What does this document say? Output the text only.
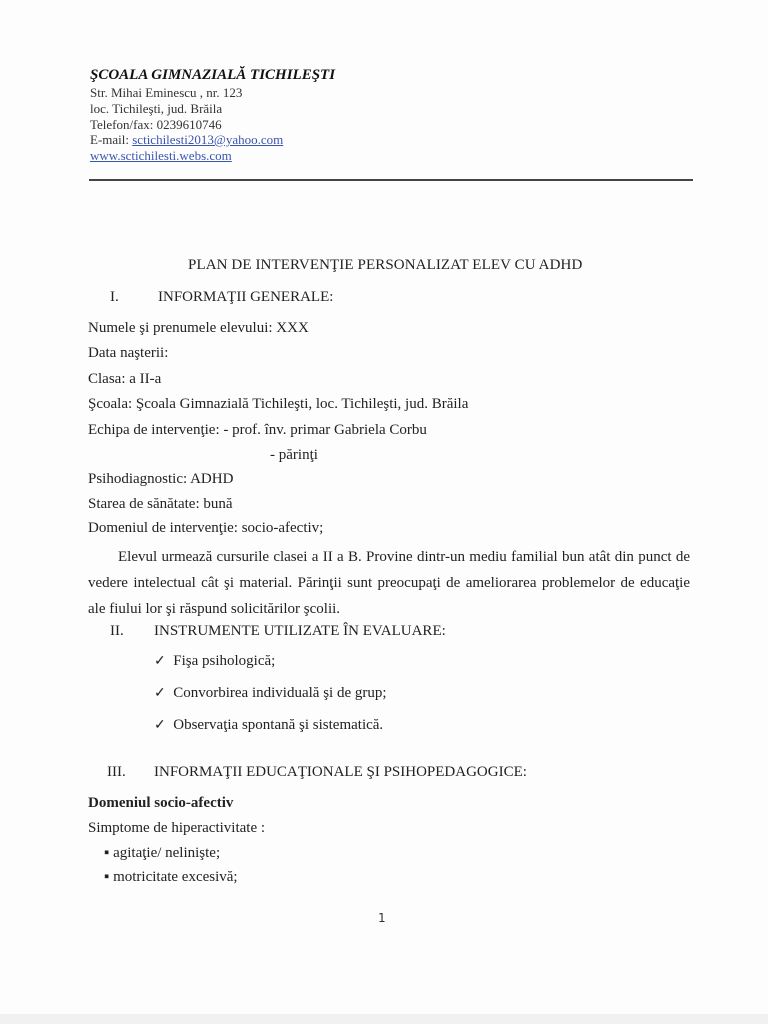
ŞCOALA GIMNAZIALĂ TICHILEŞTI
Str. Mihai Eminescu , nr. 123
loc. Tichileşti, jud. Brăila
Telefon/fax: 0239610746
E-mail: sctichilesti2013@yahoo.com
www.sctichilesti.webs.com
PLAN DE INTERVENŢIE PERSONALIZAT ELEV CU ADHD
I.	INFORMAŢII GENERALE:
Numele şi prenumele elevului: XXX
Data naşterii:
Clasa: a II-a
Şcoala: Şcoala Gimnazială Tichileşti, loc. Tichileşti, jud. Brăila
Echipa de intervenţie: - prof. înv. primar Gabriela Corbu
- părinţi
Psihodiagnostic: ADHD
Starea de sănătate: bună
Domeniul de intervenţie: socio-afectiv;
Elevul urmează cursurile clasei a II a B. Provine dintr-un mediu familial bun atât din punct de vedere intelectual cât şi material. Părinţii sunt preocupaţi de ameliorarea problemelor de educaţie ale fiului lor şi răspund solicitărilor şcolii.
II. INSTRUMENTE UTILIZATE ÎN EVALUARE:
✓ Fişa psihologică;
✓ Convorbirea individuală şi de grup;
✓ Observaţia spontană şi sistematică.
III. INFORMAŢII EDUCAŢIONALE ŞI PSIHOPEDAGOGICE:
Domeniul socio-afectiv
Simptome de hiperactivitate :
▪ agitaţie/ nelinişte;
▪ motricitate excesivă;
1
